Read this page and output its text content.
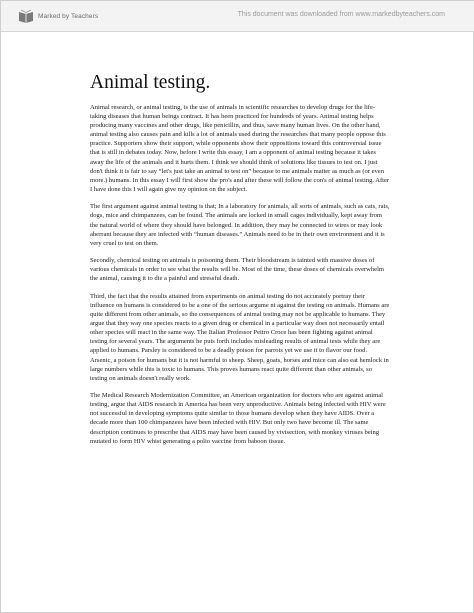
Marked by Teachers	This document was downloaded from www.markedbyteachers.com
Animal testing.

Animal research, or animal testing, is the use of animals in scientific researches to develop drugs for the life-taking diseases that human beings contract. It has been practiced for hundreds of years. Animal testing helps producing many vaccines and other drugs, like penicillin, and thus, save many human lives. On the other hand, animal testing also causes pain and kills a lot of animals used during the researches that many people oppose this practice. Supporters show their support, while opponents show their oppositions toward this controversial issue that is still in debates today. Now, before I write this essay, I am a opponent of animal testing because it takes away the life of the animals and it hurts them. I think we should think of solutions like tissues to test on. I just don't think it is fair to say “let's just take an animal to test on” because to me animals matter as much as (or even more.) humans. In this essay I will first show the pro's and after these will follow the con's of animal testing. After I have done this I will again give my opinion on the subject.

The first argument against animal testing is that; In a laboratory for animals, all sorts of animals, such as cats, rats, dogs, mice and chimpanzees, can be found. The animals are locked in small cages individually, kept away from the natural world of where they should have belonged. In addition, they may be connected to wires or may look aberrant because they are infected with “human diseases.” Animals need to be in their own environment and it is very cruel to test on them.

Secondly, chemical testing on animals is poisoning them. Their bloodstream is tainted with massive doses of various chemicals in order to see what the results will be. Most of the time, these doses of chemicals overwhelm the animal, causing it to die a painful and stressful death.

Third, the fact that the results attained from experiments on animal testing do not accurately portray their influence on humans is considered to be a one of the serious argume nt against the testing on animals. Humans are quite different from other animals, so the consequences of animal testing may not be applicable to humans. They argue that they way one species reacts to a given drug or chemical in a particular way does not necessarily entail other species will react in the same way. The Italian Professor Peitro Croce has been fighting against animal testing for several years. The arguments he puts forth includes misleading results of animal tests while they are applied to humans. Parsley is considered to be a deadly poison for parrots yet we use it to flavor our food. Arsenic, a poison for humans but it is not harmful to sheep. Sheep, goats, horses and mice can also eat hemlock in large numbers while this is toxic to humans. This proves humans react quite different than other animals, so testing on animals doesn't really work.

The Medical Research Modernization Committee, an American organization for doctors who are against animal testing, argue that AIDS research in America has been very unproductive. Animals being infected with HIV were not successful in developing symptoms quite similar to those humans develop when they have AIDS. Over a decade more than 100 chimpanzees have been infected with HIV. But only two have become ill. The same description continues to prescribe that AIDS may have been caused by vivisection, with monkey viruses being mutated to form HIV whist generating a polio vaccine from baboon tissue.
